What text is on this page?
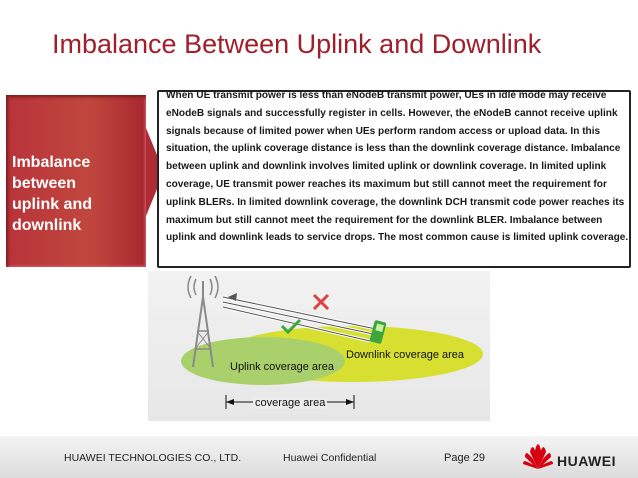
Imbalance Between Uplink and Downlink
Imbalance
between
uplink and
downlink
When UE transmit power is less than eNodeB transmit power, UEs in idle mode may receive eNodeB signals and successfully register in cells. However, the eNodeB cannot receive uplink signals because of limited power when UEs perform random access or upload data. In this situation, the uplink coverage distance is less than the downlink coverage distance. Imbalance between uplink and downlink involves limited uplink or downlink coverage. In limited uplink coverage, UE transmit power reaches its maximum but still cannot meet the requirement for uplink BLERs. In limited downlink coverage, the downlink DCH transmit code power reaches its maximum but still cannot meet the requirement for the downlink BLER. Imbalance between uplink and downlink leads to service drops. The most common cause is limited uplink coverage.
Downlink coverage area
Uplink coverage area
coverage area
HUAWEI TECHNOLOGIES CO., LTD.	Huawei Confidential	Page 29	HUAWEI
